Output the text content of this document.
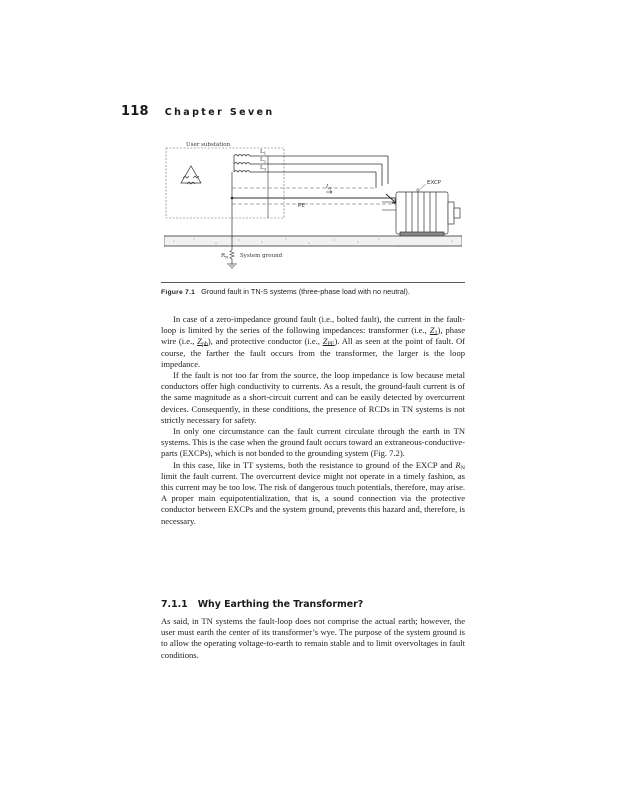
118 Chapter Seven
User substation
$L_1$
$L_2$
$L_3$
$I_G$
PE
EXCP
$R_N$ System ground
Figure 7.1 Ground fault in TN-S systems (three-phase load with no neutral).

In case of a zero-impedance ground fault (i.e., bolted fault), the current in the fault-loop is limited by the series of the following impedances: transformer (i.e., $Z_1$), phase wire (i.e., $Z_{ph}$), and protective conductor (i.e., $Z_{PE}$). All as seen at the point of fault. Of course, the farther the fault occurs from the transformer, the larger is the loop impedance.

If the fault is not too far from the source, the loop impedance is low because metal conductors offer high conductivity to currents. As a result, the ground-fault current is of the same magnitude as a short-circuit current and can be easily detected by overcurrent devices. Consequently, in these conditions, the presence of RCDs in TN systems is not strictly necessary for safety.

In only one circumstance can the fault current circulate through the earth in TN systems. This is the case when the ground fault occurs toward an extraneous-conductive-parts (EXCPs), which is not bonded to the grounding system (Fig. 7.2).

In this case, like in TT systems, both the resistance to ground of the EXCP and $R_N$ limit the fault current. The overcurrent device might not operate in a timely fashion, as this current may be too low. The risk of dangerous touch potentials, therefore, may arise. A proper main equipotentialization, that is, a sound connection via the protective conductor between EXCPs and the system ground, prevents this hazard and, therefore, is necessary.

7.1.1 Why Earthing the Transformer?

As said, in TN systems the fault-loop does not comprise the actual earth; however, the user must earth the center of its transformer’s wye. The purpose of the system ground is to allow the operating voltage-to-earth to remain stable and to limit overvoltages in fault conditions.
